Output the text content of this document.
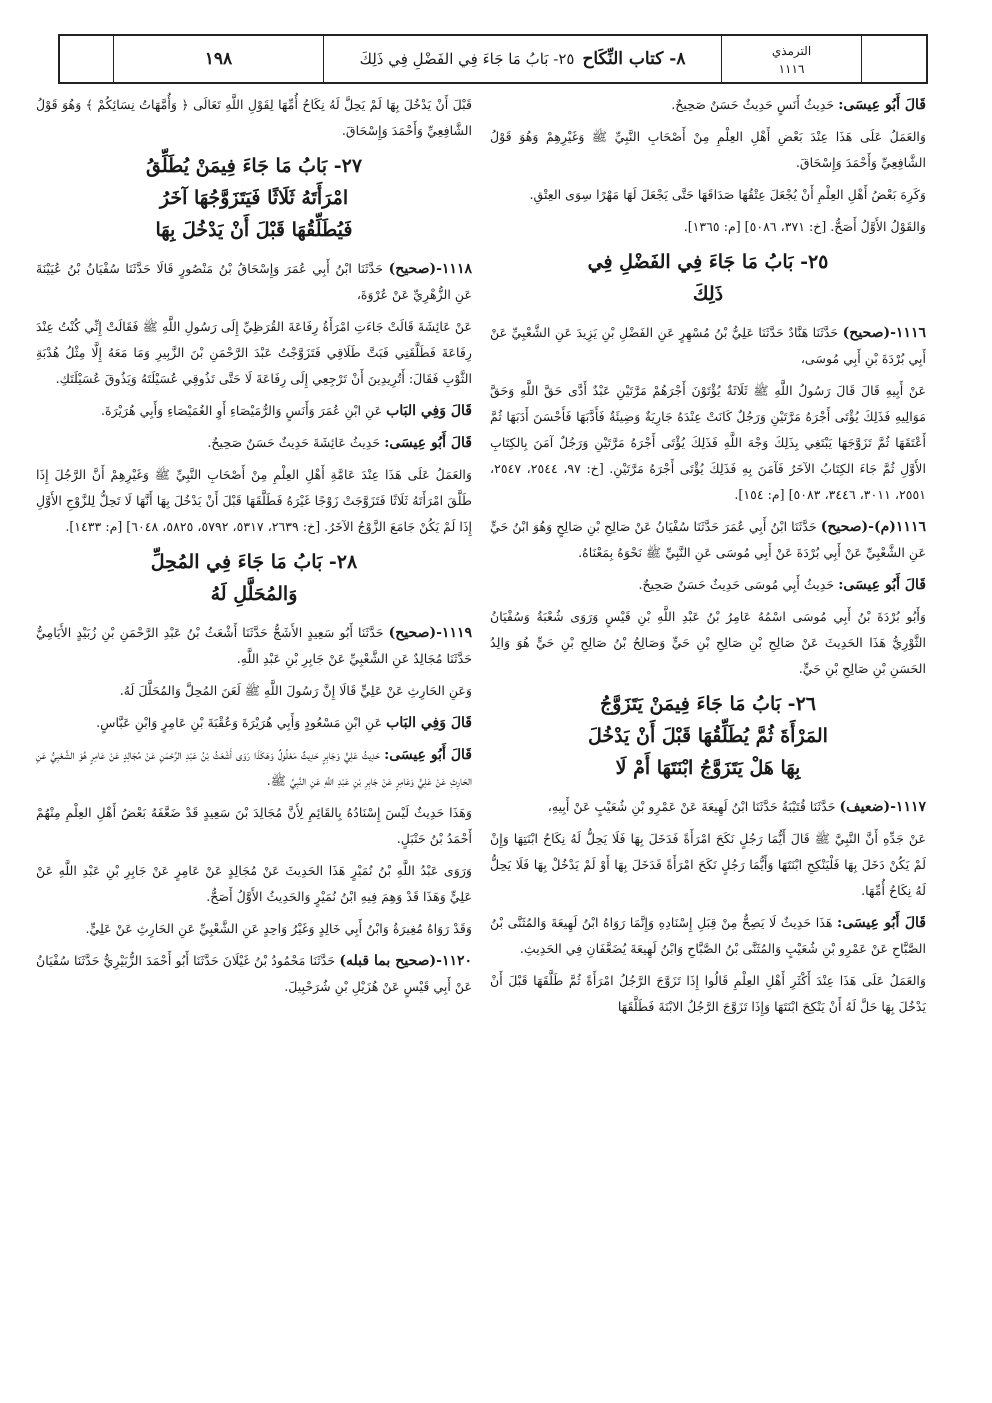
١٩٨	٨- كتاب النِّكَاح
٢٥- بَابُ مَا جَاءَ فِي الفَضْلِ فِي ذَلِكَ	الترمذي
١١١٦

قَالَ أَبُو عِيسَى: حَدِيثُ أَنَسٍ حَدِيثٌ حَسَنٌ صَحِيحٌ.

وَالعَمَلُ عَلَى هَذَا عِنْدَ بَعْضِ أَهْلِ العِلْمِ مِنْ أَصْحَابِ النَّبِيِّ ﷺ وَغَيْرِهِمْ وَهُوَ قَوْلُ الشَّافِعِيِّ وَأَحْمَدَ وَإِسْحَاقَ.

وَكَرِهَ بَعْضُ أَهْلِ العِلْمِ أَنْ يُجْعَلَ عِتْقُهَا صَدَاقَهَا حَتَّى يَجْعَلَ لَهَا مَهْرًا سِوَى العِتْقِ.

وَالقَوْلُ الأَوَّلُ أَصَحُّ. [خ: ٣٧١، ٥٠٨٦] [م: ١٣٦٥].

٢٥- بَابُ مَا جَاءَ فِي الفَضْلِ فِي
ذَلِكَ

١١١٦-(صحيح) حَدَّثَنَا هَنَّادٌ حَدَّثَنَا عَلِيُّ بْنُ مُسْهِرٍ عَنِ الفَضْلِ بْنِ يَزِيدَ عَنِ الشَّعْبِيِّ عَنْ أَبِي بُرْدَةَ بْنِ أَبِي مُوسَى،

عَنْ أَبِيهِ قَالَ قَالَ رَسُولُ اللَّهِ ﷺ ثَلَاثَةٌ يُؤْتَوْنَ أَجْرَهُمْ مَرَّتَيْنِ عَبْدٌ أَدَّى حَقَّ اللَّهِ وَحَقَّ مَوَالِيهِ فَذَلِكَ يُؤْتَى أَجْرَهُ مَرَّتَيْنِ وَرَجُلٌ كَانَتْ عِنْدَهُ جَارِيَةٌ وَضِيئَةٌ فَأَدَّبَهَا فَأَحْسَنَ أَدَبَهَا ثُمَّ أَعْتَقَهَا ثُمَّ تَزَوَّجَهَا يَبْتَغِي بِذَلِكَ وَجْهَ اللَّهِ فَذَلِكَ يُؤْتَى أَجْرَهُ مَرَّتَيْنِ وَرَجُلٌ آمَنَ بِالكِتَابِ الأَوَّلِ ثُمَّ جَاءَ الكِتَابُ الآخَرُ فَآمَنَ بِهِ فَذَلِكَ يُؤْتَى أَجْرَهُ مَرَّتَيْنِ. [خ: ٩٧، ٢٥٤٤، ٢٥٤٧، ٢٥٥١، ٣٠١١، ٣٤٤٦، ٥٠٨٣] [م: ١٥٤].

١١١٦(م)-(صحيح) حَدَّثَنَا ابْنُ أَبِي عُمَرَ حَدَّثَنَا سُفْيَانُ عَنْ صَالِحِ بْنِ صَالِحٍ وَهُوَ ابْنُ حَيٍّ عَنِ الشَّعْبِيِّ عَنْ أَبِي بُرْدَةَ عَنْ أَبِي مُوسَى عَنِ النَّبِيِّ ﷺ نَحْوَهُ بِمَعْنَاهُ.

قَالَ أَبُو عِيسَى: حَدِيثُ أَبِي مُوسَى حَدِيثٌ حَسَنٌ صَحِيحٌ.

وَأَبُو بُرْدَةَ بْنُ أَبِي مُوسَى اسْمُهُ عَامِرُ بْنُ عَبْدِ اللَّهِ بْنِ قَيْسٍ وَرَوَى شُعْبَةُ وَسُفْيَانُ الثَّوْرِيُّ هَذَا الحَدِيثَ عَنْ صَالِحِ بْنِ صَالِحِ بْنِ حَيٍّ وَصَالِحُ بْنُ صَالِحِ بْنِ حَيٍّ هُوَ وَالِدُ الحَسَنِ بْنِ صَالِحِ بْنِ حَيٍّ.

٢٦- بَابُ مَا جَاءَ فِيمَنْ يَتَزَوَّجُ
المَرْأَةَ ثُمَّ يُطَلِّقُهَا قَبْلَ أَنْ يَدْخُلَ
بِهَا هَلْ يَتَزَوَّجُ ابْنَتَهَا أَمْ لَا

١١١٧-(ضعيف) حَدَّثَنَا قُتَيْبَةُ حَدَّثَنَا ابْنُ لَهِيعَةَ عَنْ عَمْرِو بْنِ شُعَيْبٍ عَنْ أَبِيهِ،

عَنْ جَدِّهِ أَنَّ النَّبِيَّ ﷺ قَالَ أَيُّمَا رَجُلٍ نَكَحَ امْرَأَةً فَدَخَلَ بِهَا فَلَا يَحِلُّ لَهُ نِكَاحُ ابْنَتِهَا وَإِنْ لَمْ يَكُنْ دَخَلَ بِهَا فَلْيَنْكِحِ ابْنَتَهَا وَأَيُّمَا رَجُلٍ نَكَحَ امْرَأَةً فَدَخَلَ بِهَا أَوْ لَمْ يَدْخُلْ بِهَا فَلَا يَحِلُّ لَهُ نِكَاحُ أُمِّهَا.

قَالَ أَبُو عِيسَى: هَذَا حَدِيثٌ لَا يَصِحُّ مِنْ قِبَلِ إِسْنَادِهِ وَإِنَّمَا رَوَاهُ ابْنُ لَهِيعَةَ وَالمُثَنَّى بْنُ الصَّبَّاحِ عَنْ عَمْرِو بْنِ شُعَيْبٍ وَالمُثَنَّى بْنُ الصَّبَّاحِ وَابْنُ لَهِيعَةَ يُضَعَّفَانِ فِي الحَدِيثِ.

وَالعَمَلُ عَلَى هَذَا عِنْدَ أَكْثَرِ أَهْلِ العِلْمِ قَالُوا إِذَا تَزَوَّجَ الرَّجُلُ امْرَأَةً ثُمَّ طَلَّقَهَا قَبْلَ أَنْ يَدْخُلَ بِهَا حَلَّ لَهُ أَنْ يَنْكِحَ ابْنَتَهَا وَإِذَا تَزَوَّجَ الرَّجُلُ الابْنَةَ فَطَلَّقَهَا

قَبْلَ أَنْ يَدْخُلَ بِهَا لَمْ يَحِلَّ لَهُ نِكَاحُ أُمِّهَا لِقَوْلِ اللَّهِ تَعَالَى ﴿ وَأُمَّهَاتُ نِسَائِكُمْ ﴾ وَهُوَ قَوْلُ الشَّافِعِيِّ وَأَحْمَدَ وَإِسْحَاقَ.

٢٧- بَابُ مَا جَاءَ فِيمَنْ يُطَلِّقُ
امْرَأَتَهُ ثَلَاثًا فَيَتَزَوَّجُهَا آخَرُ
فَيُطَلِّقُهَا قَبْلَ أَنْ يَدْخُلَ بِهَا

١١١٨-(صحيح) حَدَّثَنَا ابْنُ أَبِي عُمَرَ وَإِسْحَاقُ بْنُ مَنْصُورٍ قَالَا حَدَّثَنَا سُفْيَانُ بْنُ عُيَيْنَةَ عَنِ الزُّهْرِيِّ عَنْ عُرْوَةَ،

عَنْ عَائِشَةَ قَالَتْ جَاءَتِ امْرَأَةُ رِفَاعَةَ القُرَظِيِّ إِلَى رَسُولِ اللَّهِ ﷺ فَقَالَتْ إِنِّي كُنْتُ عِنْدَ رِفَاعَةَ فَطَلَّقَنِي فَبَتَّ طَلَاقِي فَتَزَوَّجْتُ عَبْدَ الرَّحْمَنِ بْنَ الزَّبِيرِ وَمَا مَعَهُ إِلَّا مِثْلُ هُدْبَةِ الثَّوْبِ فَقَالَ: أَتُرِيدِينَ أَنْ تَرْجِعِي إِلَى رِفَاعَةَ لَا حَتَّى تَذُوقِي عُسَيْلَتَهُ وَيَذُوقَ عُسَيْلَتَكِ.

قَالَ وَفِي البَاب عَنِ ابْنِ عُمَرَ وَأَنَسٍ وَالرُّمَيْصَاءِ أَوِ الغُمَيْصَاءِ وَأَبِي هُرَيْرَةَ.

قَالَ أَبُو عِيسَى: حَدِيثُ عَائِشَةَ حَدِيثٌ حَسَنٌ صَحِيحٌ.

وَالعَمَلُ عَلَى هَذَا عِنْدَ عَامَّةِ أَهْلِ العِلْمِ مِنْ أَصْحَابِ النَّبِيِّ ﷺ وَغَيْرِهِمْ أَنَّ الرَّجُلَ إِذَا طَلَّقَ امْرَأَتَهُ ثَلَاثًا فَتَزَوَّجَتْ زَوْجًا غَيْرَهُ فَطَلَّقَهَا قَبْلَ أَنْ يَدْخُلَ بِهَا أَنَّهَا لَا تَحِلُّ لِلزَّوْجِ الأَوَّلِ إِذَا لَمْ يَكُنْ جَامَعَ الزَّوْجُ الآخَرُ. [خ: ٢٦٣٩، ٥٣١٧، ٥٧٩٢، ٥٨٢٥، ٦٠٤٨] [م: ١٤٣٣].

٢٨- بَابُ مَا جَاءَ فِي المُحِلِّ
وَالمُحَلَّلِ لَهُ

١١١٩-(صحيح) حَدَّثَنَا أَبُو سَعِيدٍ الأَشَجُّ حَدَّثَنَا أَشْعَثُ بْنُ عَبْدِ الرَّحْمَنِ بْنِ زُبَيْدٍ الأَيَامِيُّ حَدَّثَنَا مُجَالِدٌ عَنِ الشَّعْبِيِّ عَنْ جَابِرِ بْنِ عَبْدِ اللَّهِ.

وَعَنِ الحَارِثِ عَنْ عَلِيٍّ قَالَا إِنَّ رَسُولَ اللَّهِ ﷺ لَعَنَ المُحِلَّ وَالمُحَلَّلَ لَهُ.

قَالَ وَفِي البَاب عَنِ ابْنِ مَسْعُودٍ وَأَبِي هُرَيْرَةَ وَعُقْبَةَ بْنِ عَامِرٍ وَابْنِ عَبَّاسٍ.

قَالَ أَبُو عِيسَى: حَدِيثُ عَلِيٍّ وَجَابِرٍ حَدِيثٌ مَعْلُولٌ وَهَكَذَا رَوَى أَشْعَثُ بْنُ عَبْدِ الرَّحْمَنِ عَنْ مُجَالِدٍ عَنْ عَامِرٍ هُوَ الشَّعْبِيُّ عَنِ الحَارِثِ عَنْ عَلِيٍّ وَعَامِرٍ عَنْ جَابِرِ بْنِ عَبْدِ اللَّهِ عَنِ النَّبِيِّ ﷺ.

وَهَذَا حَدِيثٌ لَيْسَ إِسْنَادُهُ بِالقَائِمِ لِأَنَّ مُجَالِدَ بْنَ سَعِيدٍ قَدْ ضَعَّفَهُ بَعْضُ أَهْلِ العِلْمِ مِنْهُمْ أَحْمَدُ بْنُ حَنْبَلٍ.

وَرَوَى عَبْدُ اللَّهِ بْنُ نُمَيْرٍ هَذَا الحَدِيثَ عَنْ مُجَالِدٍ عَنْ عَامِرٍ عَنْ جَابِرِ بْنِ عَبْدِ اللَّهِ عَنْ عَلِيٍّ وَهَذَا قَدْ وَهِمَ فِيهِ ابْنُ نُمَيْرٍ وَالحَدِيثُ الأَوَّلُ أَصَحُّ.

وَقَدْ رَوَاهُ مُغِيرَةُ وَابْنُ أَبِي خَالِدٍ وَغَيْرُ وَاحِدٍ عَنِ الشَّعْبِيِّ عَنِ الحَارِثِ عَنْ عَلِيٍّ.

١١٢٠-(صحيح بما قبله) حَدَّثَنَا مَحْمُودُ بْنُ غَيْلَانَ حَدَّثَنَا أَبُو أَحْمَدَ الزُّبَيْرِيُّ حَدَّثَنَا سُفْيَانُ عَنْ أَبِي قَيْسٍ عَنْ هُزَيْلِ بْنِ شُرَحْبِيلَ.
